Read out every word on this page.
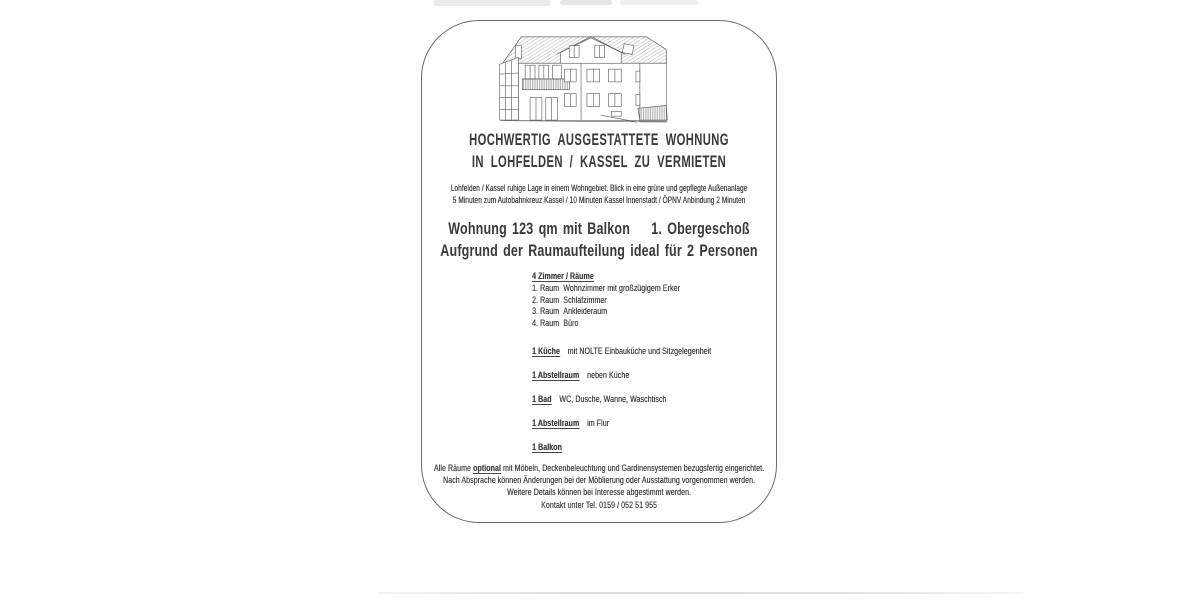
HOCHWERTIG AUSGESTATTETE WOHNUNG
IN LOHFELDEN / KASSEL ZU VERMIETEN
Lohfelden / Kassel ruhige Lage in einem Wohngebiet. Blick in eine grüne und gepflegte Außenanlage
5 Minuten zum Autobahnkreuz Kassel / 10 Minuten Kassel Innenstadt / ÖPNV Anbindung 2 Minuten
Wohnung 123 qm mit Balkon 1. Obergeschoß
Aufgrund der Raumaufteilung ideal für 2 Personen
4 Zimmer / Räume
1. Raum Wohnzimmer mit großzügigem Erker
2. Raum Schlafzimmer
3. Raum Ankleideraum
4. Raum Büro
1 Küche mit NOLTE Einbauküche und Sitzgelegenheit
1 Abstellraum neben Küche
1 Bad WC, Dusche, Wanne, Waschtisch
1 Abstellraum im Flur
1 Balkon
Alle Räume optional mit Möbeln, Deckenbeleuchtung und Gardinensystemen bezugsfertig eingerichtet.
Nach Absprache können Änderungen bei der Möblierung oder Ausstattung vorgenommen werden.
Weitere Details können bei Interesse abgestimmt werden.
Kontakt unter Tel. 0159 / 052 51 955
